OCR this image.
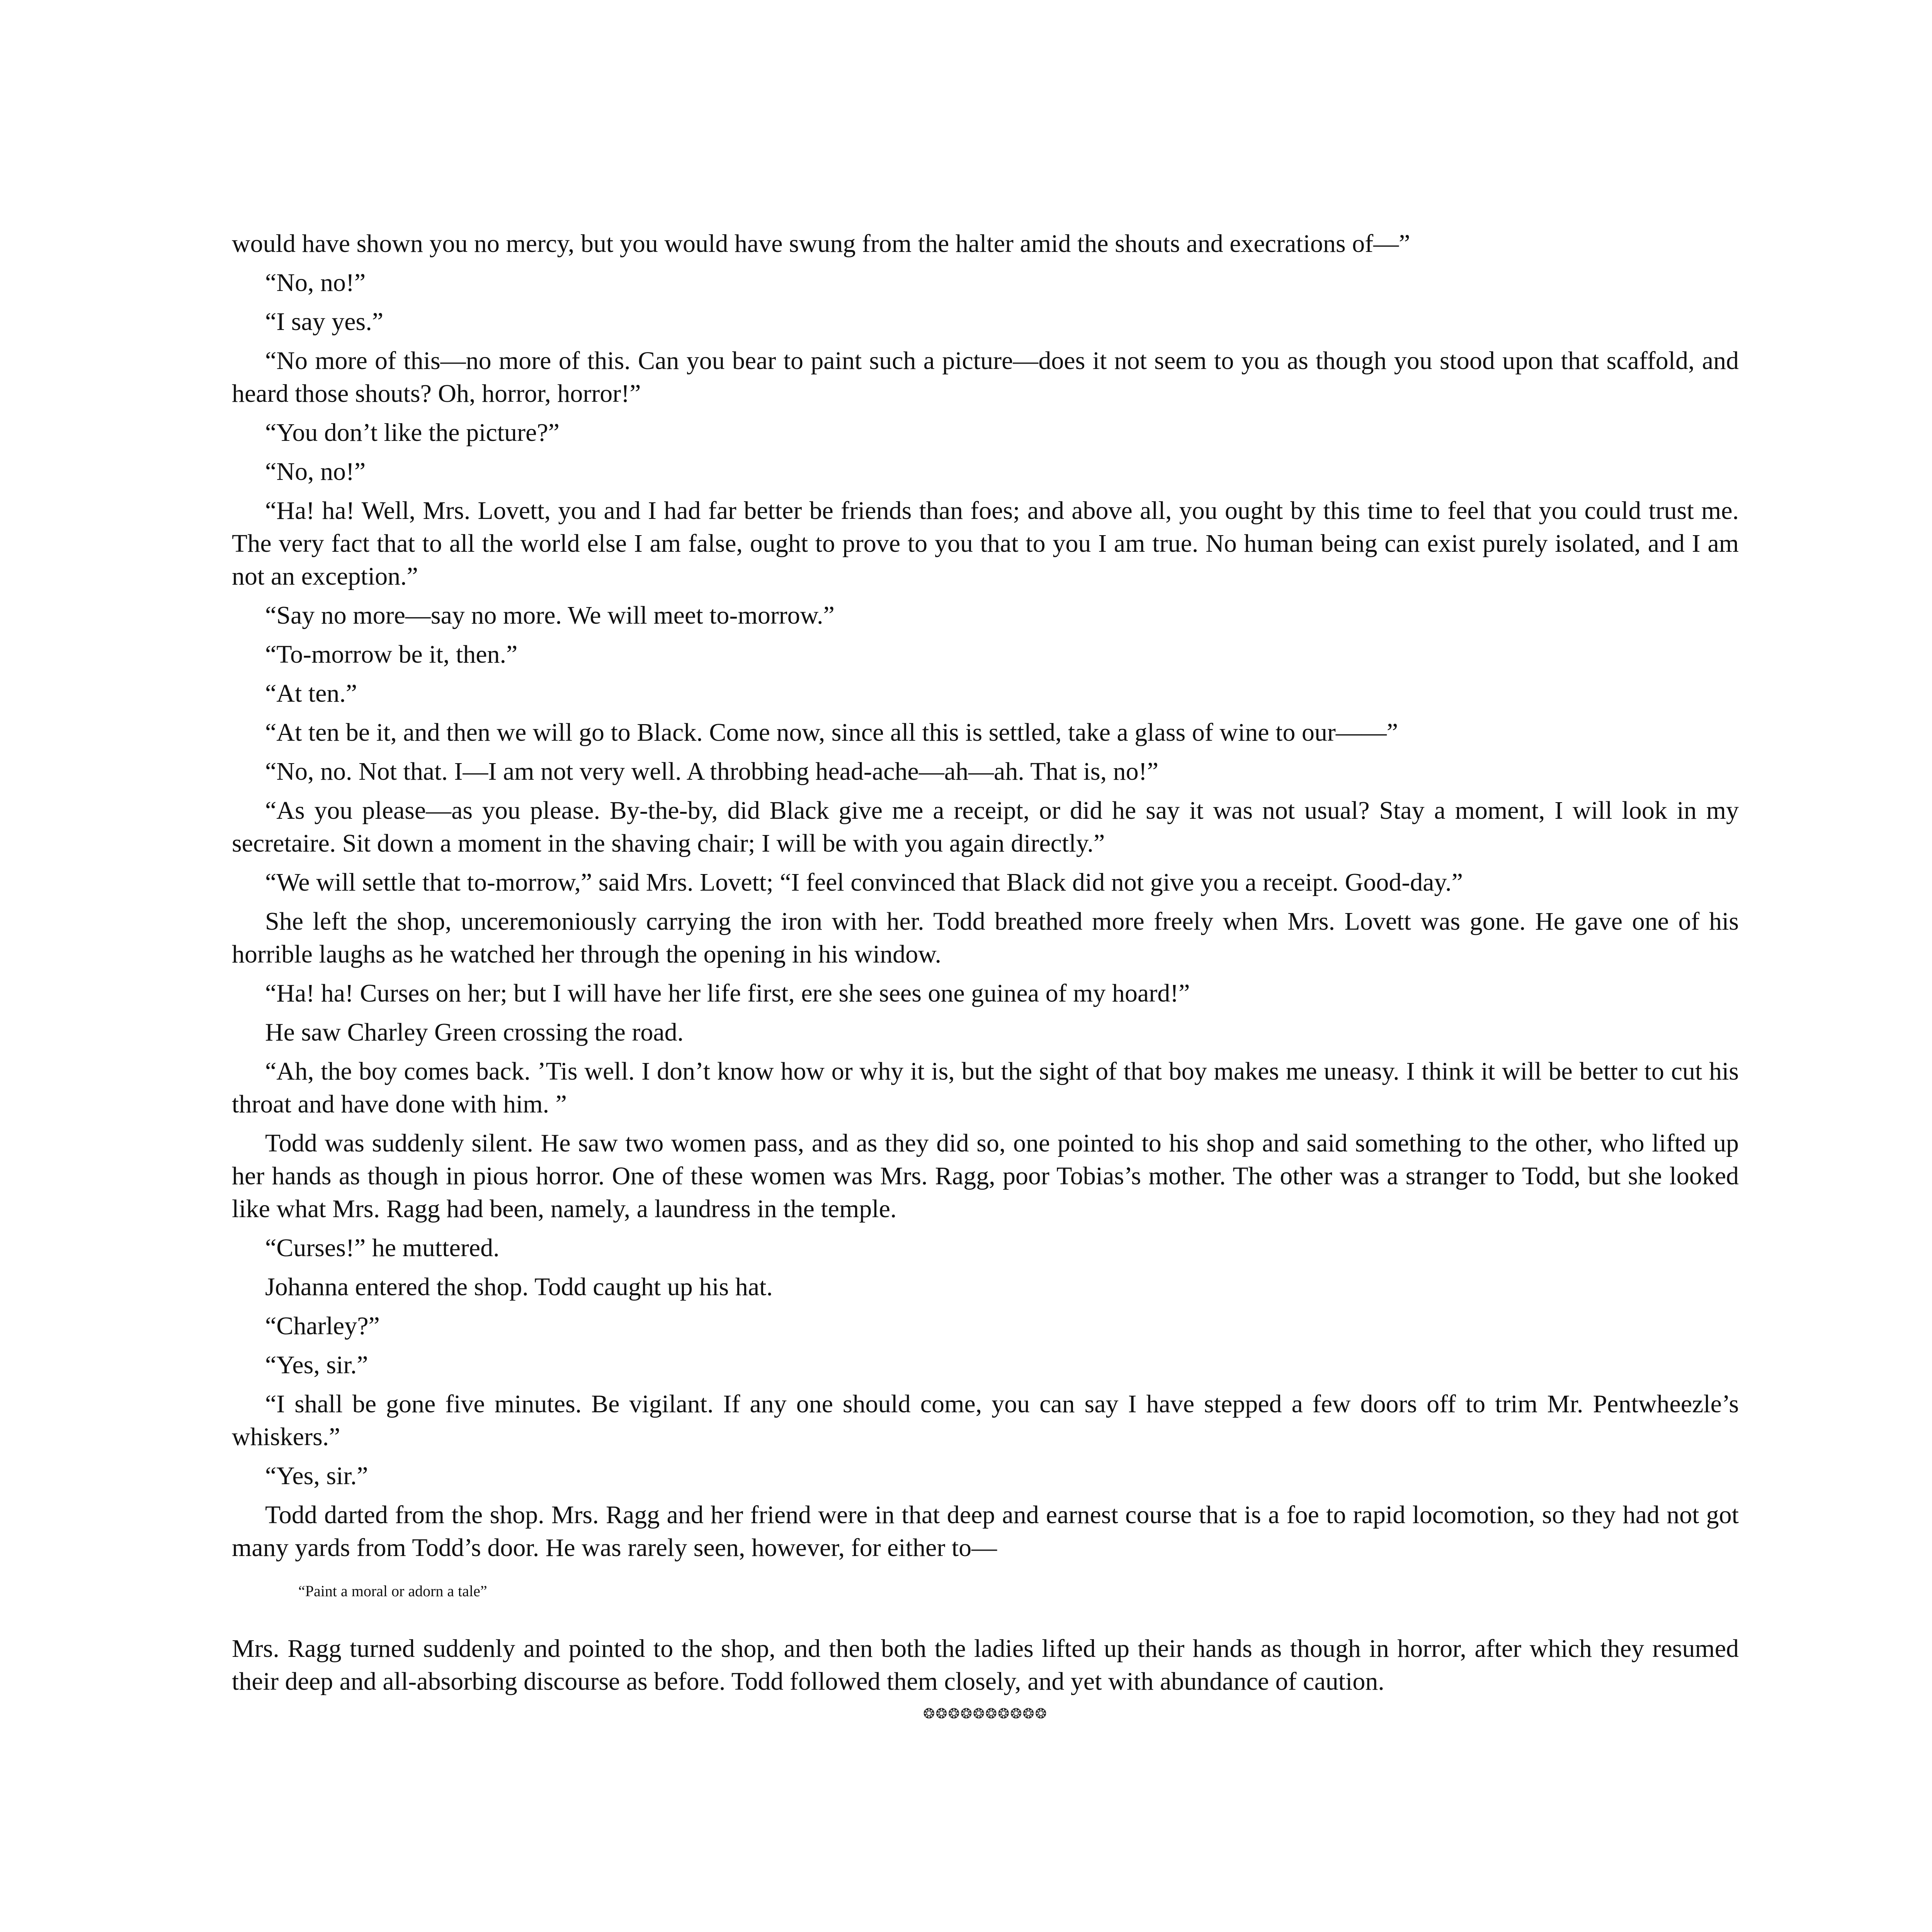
would have shown you no mercy, but you would have swung from the halter amid the shouts and execrations of—”

“No, no!”

“I say yes.”

“No more of this—no more of this. Can you bear to paint such a picture—does it not seem to you as though you stood upon that scaffold, and heard those shouts? Oh, horror, horror!”

“You don’t like the picture?”

“No, no!”

“Ha! ha! Well, Mrs. Lovett, you and I had far better be friends than foes; and above all, you ought by this time to feel that you could trust me. The very fact that to all the world else I am false, ought to prove to you that to you I am true. No human being can exist purely isolated, and I am not an exception.”

“Say no more—say no more. We will meet to-morrow.”

“To-morrow be it, then.”

“At ten.”

“At ten be it, and then we will go to Black. Come now, since all this is settled, take a glass of wine to our——”

“No, no. Not that. I—I am not very well. A throbbing head-ache—ah—ah. That is, no!”

“As you please—as you please. By-the-by, did Black give me a receipt, or did he say it was not usual? Stay a moment, I will look in my secretaire. Sit down a moment in the shaving chair; I will be with you again directly.”

“We will settle that to-morrow,” said Mrs. Lovett; “I feel convinced that Black did not give you a receipt. Good-day.”

She left the shop, unceremoniously carrying the iron with her. Todd breathed more freely when Mrs. Lovett was gone. He gave one of his horrible laughs as he watched her through the opening in his window.

“Ha! ha! Curses on her; but I will have her life first, ere she sees one guinea of my hoard!”

He saw Charley Green crossing the road.

“Ah, the boy comes back. ’Tis well. I don’t know how or why it is, but the sight of that boy makes me uneasy. I think it will be better to cut his throat and have done with him. ”

Todd was suddenly silent. He saw two women pass, and as they did so, one pointed to his shop and said something to the other, who lifted up her hands as though in pious horror. One of these women was Mrs. Ragg, poor Tobias’s mother. The other was a stranger to Todd, but she looked like what Mrs. Ragg had been, namely, a laundress in the temple.

“Curses!” he muttered.

Johanna entered the shop. Todd caught up his hat.

“Charley?”

“Yes, sir.”

“I shall be gone five minutes. Be vigilant. If any one should come, you can say I have stepped a few doors off to trim Mr. Pentwheezle’s whiskers.”

“Yes, sir.”

Todd darted from the shop. Mrs. Ragg and her friend were in that deep and earnest course that is a foe to rapid locomotion, so they had not got many yards from Todd’s door. He was rarely seen, however, for either to—

“Paint a moral or adorn a tale”

Mrs. Ragg turned suddenly and pointed to the shop, and then both the ladies lifted up their hands as though in horror, after which they resumed their deep and all-absorbing discourse as before. Todd followed them closely, and yet with abundance of caution.

❂❂❂❂❂❂❂❂❂❂
